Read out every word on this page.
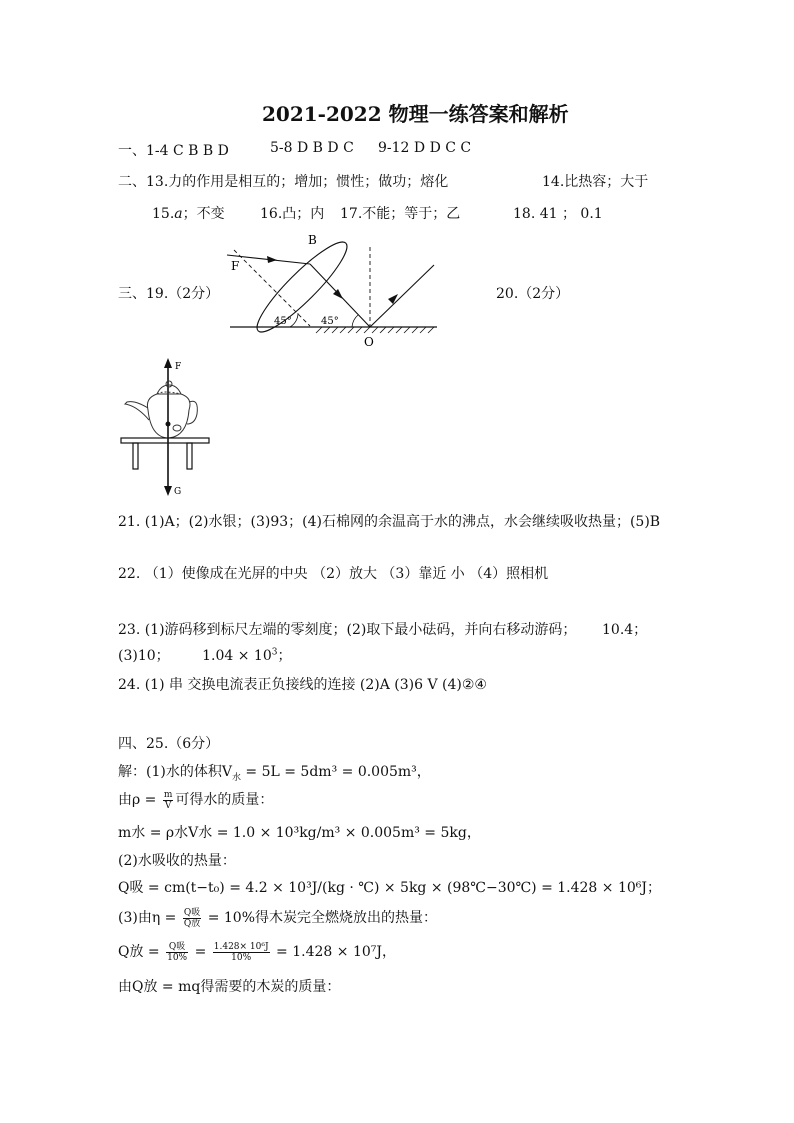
2021-2022 物理一练答案和解析
一、1-4 C B B D	5-8 D B D C 9-12 D D C C
二、13.力的作用是相互的；增加；惯性；做功；熔化	14.比热容；大于
15.a；不变	16.凸；内 17.不能；等于；乙	18. 41 ； 0.1
三、19.（2分）	20.（2分）
B
F
45°	45°
O
F
G
21. (1)A；(2)水银；(3)93；(4)石棉网的余温高于水的沸点，水会继续吸收热量；(5)B
22. （1）使像成在光屏的中央 （2）放大 （3）靠近 小 （4）照相机
23. (1)游码移到标尺左端的零刻度；(2)取下最小砝码，并向右移动游码； 10.4；
(3)10； $1.04 \times 10^3$；
24. (1) 串 交换电流表正负接线的连接 (2)A (3)6 V (4)②④
四、25.（6分）
解：(1)水的体积$V_水 = 5L = 5dm^3 = 0.005m^3$，
由$\rho = \frac{m}{V}$ 可得水的质量：
m水 = ρ水V水 = 1.0 × 10³kg/m³ × 0.005m³ = 5kg，
(2)水吸收的热量：
Q吸 = cm(t−t₀) = 4.2 × 10³J/(kg · ℃) × 5kg × (98℃−30℃) = 1.428 × 10⁶J；
(3)由$\eta = \frac{\text{Q吸}}{\text{Q放}} = 10\%$得木炭完全燃烧放出的热量：
Q放 = $\frac{\text{Q吸}}{10\%} = \frac{\text{1.428× 10⁶J}}{10\%} = 1.428 \times 10^7J$，
由Q放 = mq得需要的木炭的质量：
